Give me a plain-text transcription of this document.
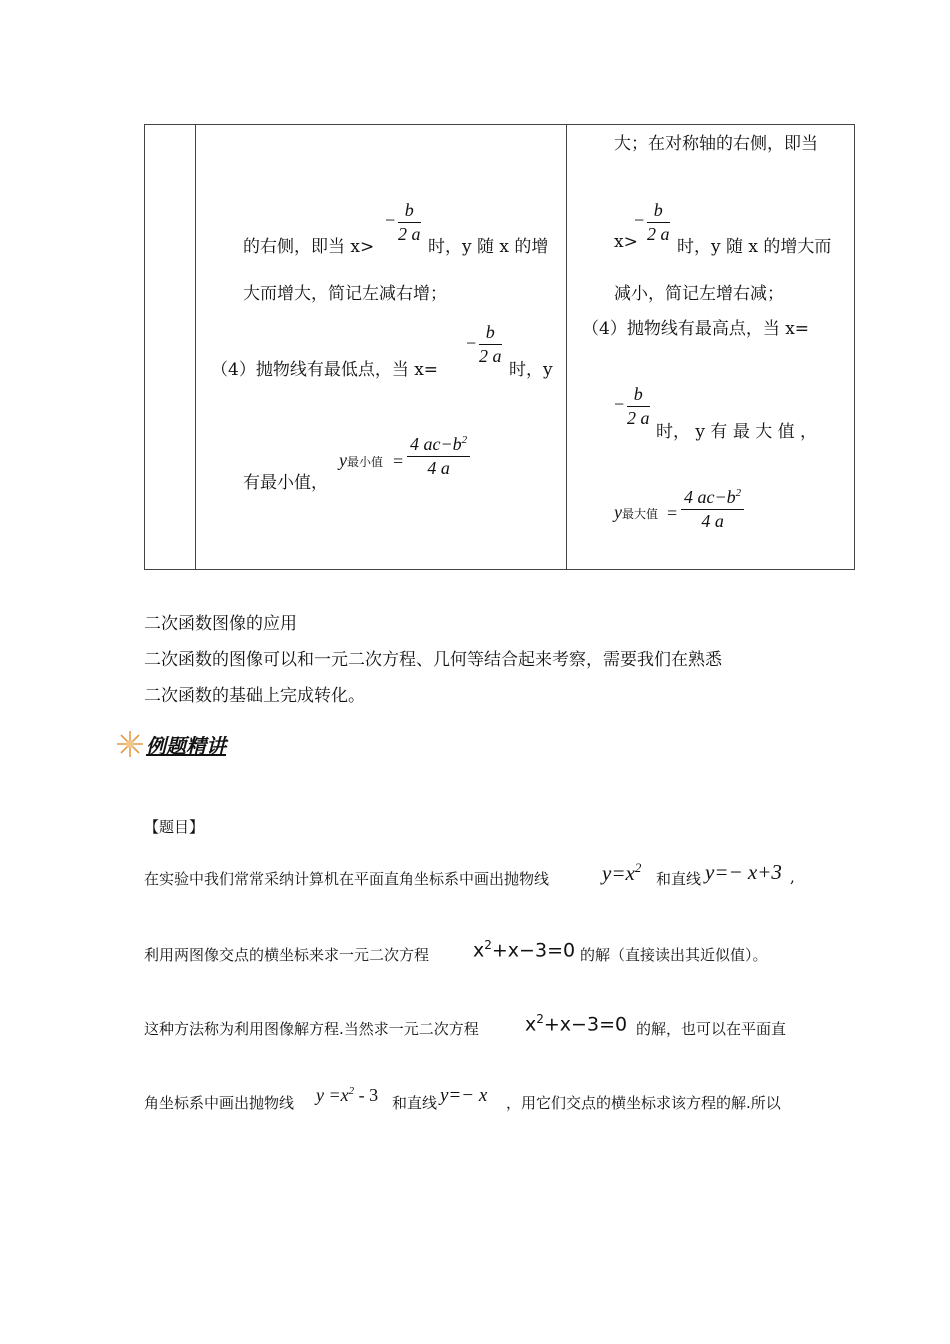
的右侧，即当 x>
− $\frac{b}{2 a}$
时，y 随 x 的增
大而增大，简记左减右增；
（4）抛物线有最低点，当 x=
− $\frac{b}{2 a}$
时，y
有最小值，
y最小值 = $\frac{4 ac-b^2}{4 a}$
大；在对称轴的右侧，即当
x>
− $\frac{b}{2 a}$
时，y 随 x 的增大而
减小，简记左增右减；
（4）抛物线有最高点，当 x=
− $\frac{b}{2 a}$
时， y 有 最 大 值 ，
y最大值 = $\frac{4 ac-b^2}{4 a}$
二次函数图像的应用
二次函数的图像可以和一元二次方程、几何等结合起来考察，需要我们在熟悉
二次函数的基础上完成转化。
例题精讲
【题目】
在实验中我们常常采纳计算机在平面直角坐标系中画出抛物线	$y=x^2$
和直线 y=− x+3 ,
利用两图像交点的横坐标来求一元二次方程 $x^2+x-3=0$ 的解（直接读出其近似值）。
这种方法称为利用图像解方程.当然求一元二次方程 $x^2+x-3=0$ 的解，也可以在平面直
角坐标系中画出抛物线 $y =x^2 - 3$ 和直线 y=− x ，用它们交点的横坐标求该方程的解.所以
